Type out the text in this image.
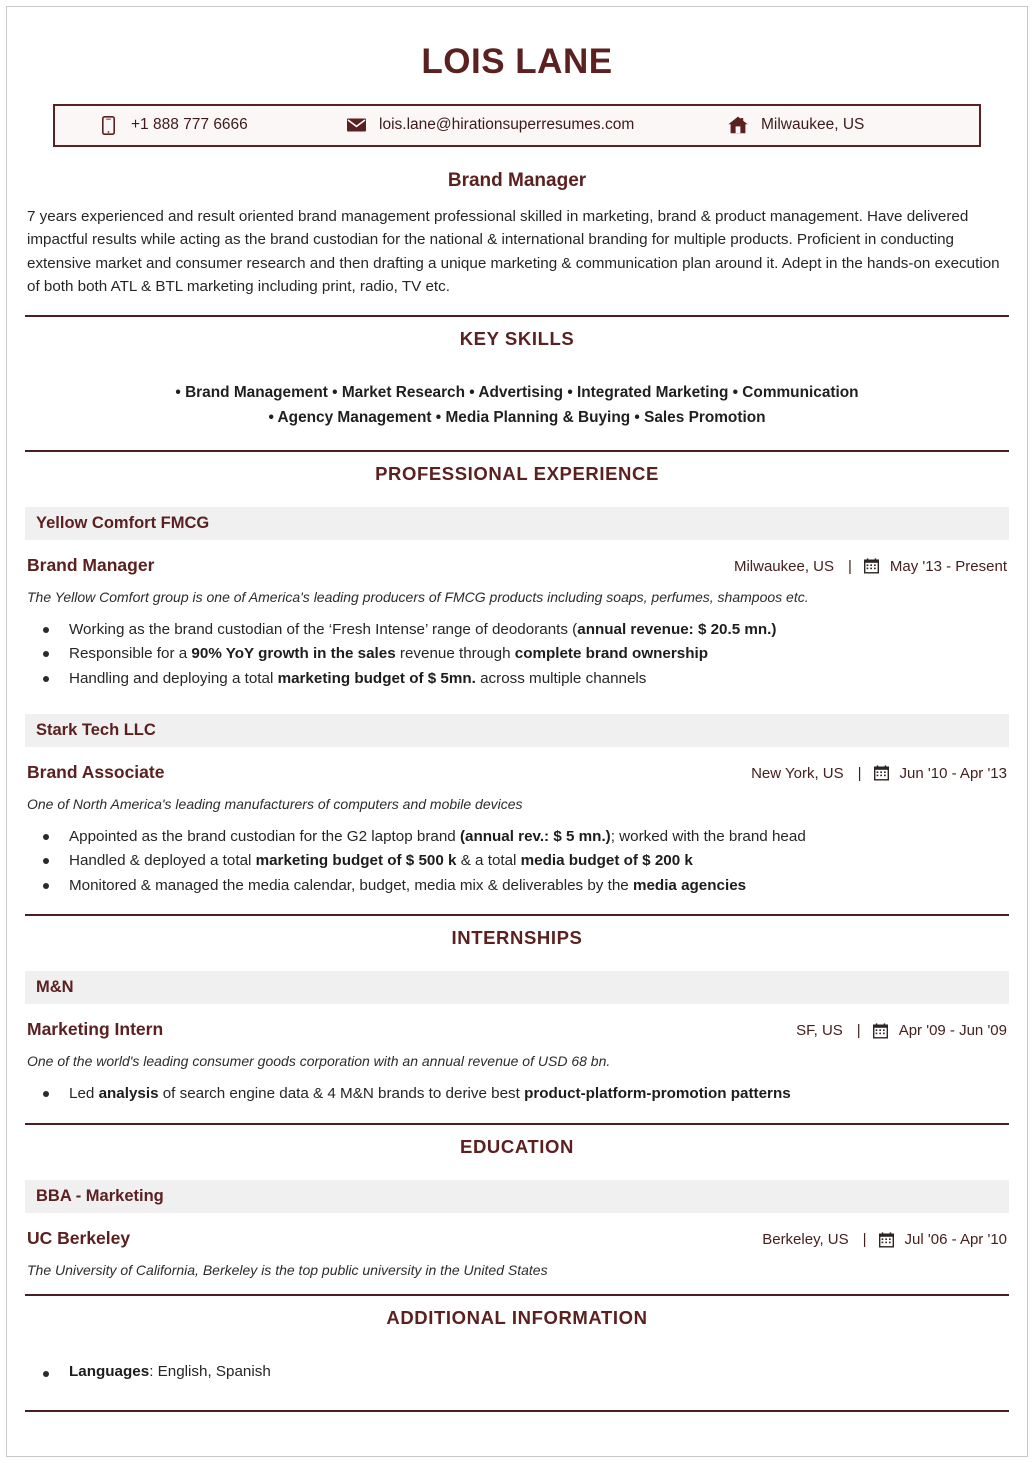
LOIS LANE
+1 888 777 6666	lois.lane@hirationsuperresumes.com	Milwaukee, US
Brand Manager
7 years experienced and result oriented brand management professional skilled in marketing, brand & product management. Have delivered impactful results while acting as the brand custodian for the national & international branding for multiple products. Proficient in conducting extensive market and consumer research and then drafting a unique marketing & communication plan around it. Adept in the hands-on execution of both both ATL & BTL marketing including print, radio, TV etc.
KEY SKILLS
• Brand Management • Market Research • Advertising • Integrated Marketing • Communication
• Agency Management • Media Planning & Buying • Sales Promotion
PROFESSIONAL EXPERIENCE
Yellow Comfort FMCG
Brand Manager	Milwaukee, US |	May '13 - Present
The Yellow Comfort group is one of America's leading producers of FMCG products including soaps, perfumes, shampoos etc.
Working as the brand custodian of the ‘Fresh Intense’ range of deodorants (annual revenue: $ 20.5 mn.)
Responsible for a 90% YoY growth in the sales revenue through complete brand ownership
Handling and deploying a total marketing budget of $ 5mn. across multiple channels
Stark Tech LLC
Brand Associate	New York, US |	Jun '10 - Apr '13
One of North America's leading manufacturers of computers and mobile devices
Appointed as the brand custodian for the G2 laptop brand (annual rev.: $ 5 mn.); worked with the brand head
Handled & deployed a total marketing budget of $ 500 k & a total media budget of $ 200 k
Monitored & managed the media calendar, budget, media mix & deliverables by the media agencies
INTERNSHIPS
M&N
Marketing Intern	SF, US |	Apr '09 - Jun '09
One of the world's leading consumer goods corporation with an annual revenue of USD 68 bn.
Led analysis of search engine data & 4 M&N brands to derive best product-platform-promotion patterns
EDUCATION
BBA - Marketing
UC Berkeley	Berkeley, US |	Jul '06 - Apr '10
The University of California, Berkeley is the top public university in the United States
ADDITIONAL INFORMATION
Languages: English, Spanish
